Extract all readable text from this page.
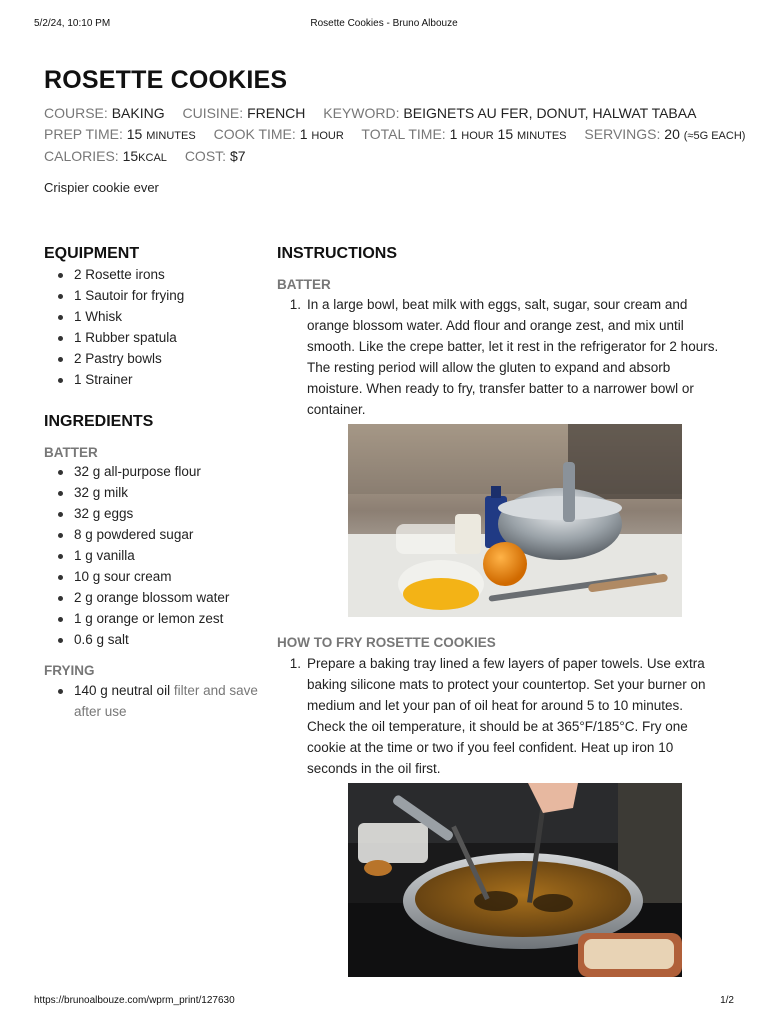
5/2/24, 10:10 PM	Rosette Cookies - Bruno Albouze
ROSETTE COOKIES
COURSE: BAKING CUISINE: FRENCH KEYWORD: BEIGNETS AU FER, DONUT, HALWAT TABAA
PREP TIME: 15 MINUTES COOK TIME: 1 HOUR TOTAL TIME: 1 HOUR 15 MINUTES SERVINGS: 20 (≈5G EACH)
CALORIES: 15KCAL COST: $7

Crispier cookie ever

EQUIPMENT
2 Rosette irons
1 Sautoir for frying
1 Whisk
1 Rubber spatula
2 Pastry bowls
1 Strainer
INGREDIENTS
BATTER
32 g all-purpose flour
32 g milk
32 g eggs
8 g powdered sugar
1 g vanilla
10 g sour cream
2 g orange blossom water
1 g orange or lemon zest
0.6 g salt
FRYING
140 g neutral oil filter and save
after use
INSTRUCTIONS
BATTER
1. In a large bowl, beat milk with eggs, salt, sugar, sour cream and
orange blossom water. Add flour and orange zest, and mix until
smooth. Like the crepe batter, let it rest in the refrigerator for 2 hours.
The resting period will allow the gluten to expand and absorb
moisture. When ready to fry, transfer batter to a narrower bowl or
container.
HOW TO FRY ROSETTE COOKIES
1. Prepare a baking tray lined a few layers of paper towels. Use extra
baking silicone mats to protect your countertop. Set your burner on
medium and let your pan of oil heat for around 5 to 10 minutes.
Check the oil temperature, it should be at 365°F/185°C. Fry one
cookie at the time or two if you feel confident. Heat up iron 10
seconds in the oil first.
https://brunoalbouze.com/wprm_print/127630	1/2
